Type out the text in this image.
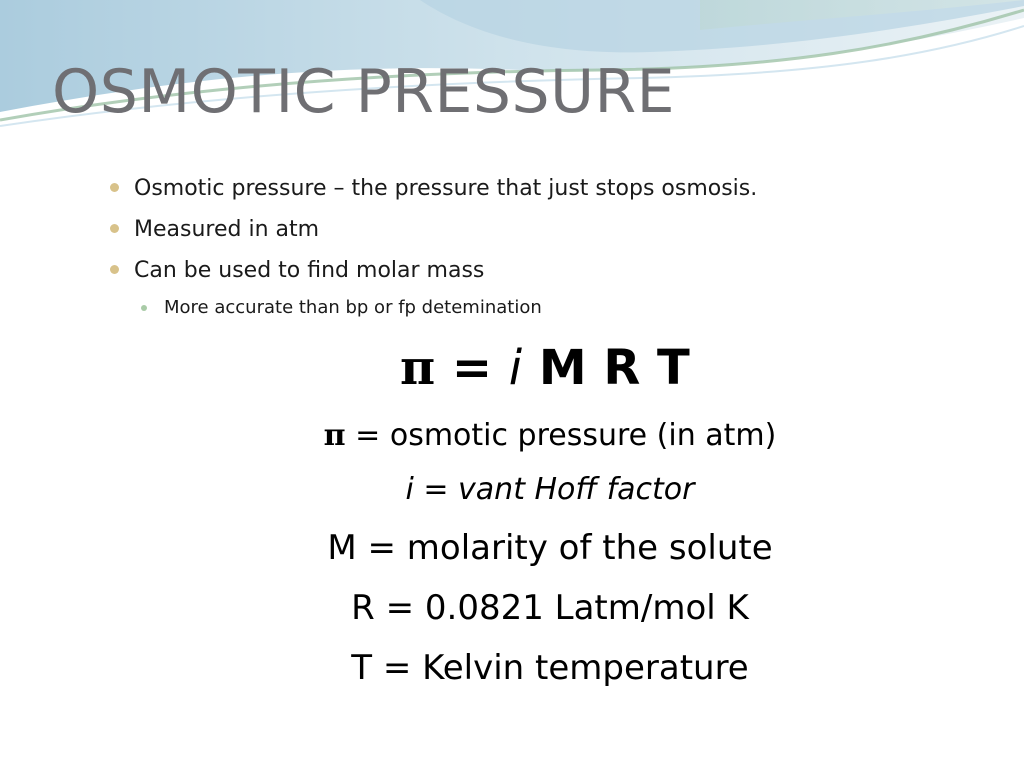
OSMOTIC PRESSURE
Osmotic pressure – the pressure that just stops osmosis.
Measured in atm
Can be used to find molar mass
More accurate than bp or fp detemination
π = i M R T
π = osmotic pressure (in atm)
i = vant Hoff factor
M = molarity of the solute
R = 0.0821 Latm/mol K
T = Kelvin temperature
